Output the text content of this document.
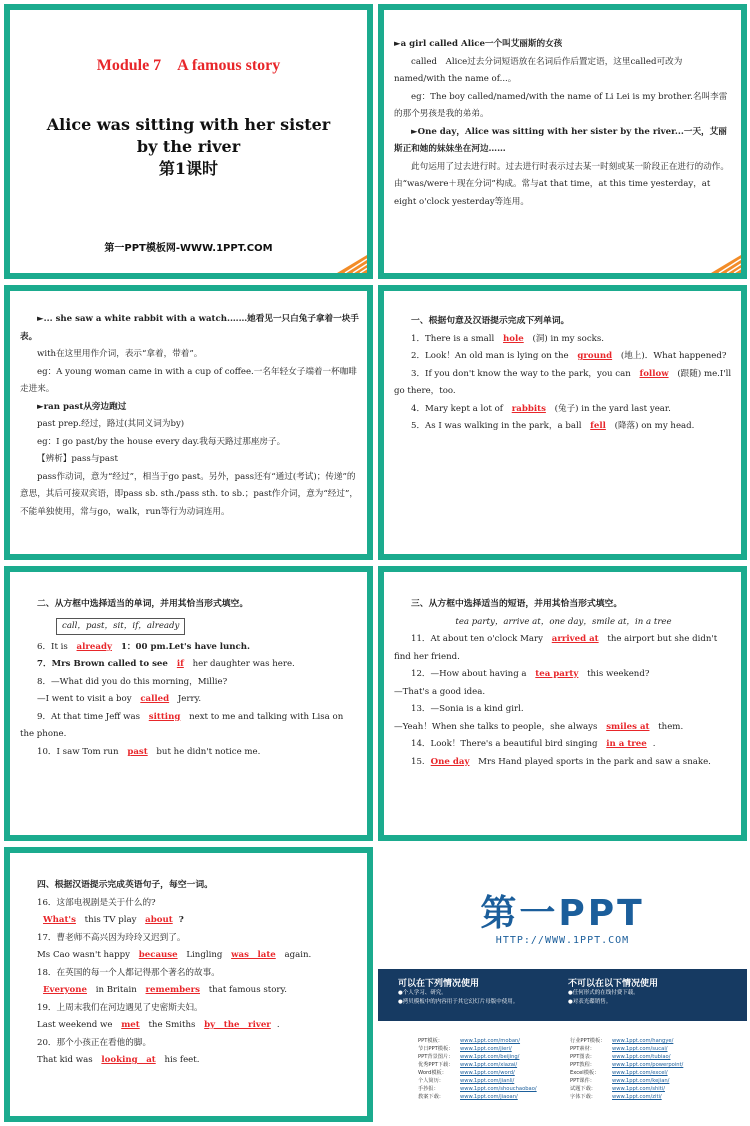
Module 7　A famous story
Alice was sitting with her sister
by the river
第1课时
第一PPT模板网-WWW.1PPT.COM

►a girl called Alice一个叫艾丽斯的女孩

called　Alice过去分词短语放在名词后作后置定语，这里called可改为named/with the name of...。

eg：The boy called/named/with the name of Li Lei is my brother.名叫李雷的那个男孩是我的弟弟。

►One day，Alice was sitting with her sister by the river...一天，艾丽斯正和她的妹妹坐在河边……

此句运用了过去进行时。过去进行时表示过去某一时刻或某一阶段正在进行的动作。由“was/were＋现在分词”构成。常与at that time，at this time yesterday，at eight o'clock yesterday等连用。

►... she saw a white rabbit with a watch.……她看见一只白兔子拿着一块手表。

with在这里用作介词，表示“拿着，带着”。

eg：A young woman came in with a cup of coffee.一名年轻女子端着一杯咖啡走进来。

►ran past从旁边跑过

past prep.经过，路过(其同义词为by)

eg：I go past/by the house every day.我每天路过那座房子。

【辨析】pass与past

pass作动词，意为“经过”，相当于go past。另外，pass还有“通过(考试)；传递”的意思，其后可接双宾语，即pass sb. sth./pass sth. to sb.；past作介词，意为“经过”，不能单独使用，常与go，walk，run等行为动词连用。

一、根据句意及汉语提示完成下列单词。

1．There is a small hole (洞) in my socks.

2．Look！An old man is lying on the ground (地上)．What happened?

3．If you don't know the way to the park，you can follow (跟随) me.I'll go there，too.

4．Mary kept a lot of rabbits (兔子) in the yard last year.

5．As I was walking in the park，a ball fell (降落) on my head.

二、从方框中选择适当的单词，并用其恰当形式填空。

call，past，sit，if，already

6．It is already 1：00 pm.Let's have lunch.

7．Mrs Brown called to see if her daughter was here.

8．—What did you do this morning，Millie?

—I went to visit a boy called Jerry.

9．At that time Jeff was sitting next to me and talking with Lisa on the phone.

10．I saw Tom run past but he didn't notice me.

三、从方框中选择适当的短语，并用其恰当形式填空。

tea party，arrive at，one day，smile at，in a tree

11．At about ten o'clock Mary arrived at the airport but she didn't find her friend.

12．—How about having a tea party this weekend?

—That's a good idea.

13．—Sonia is a kind girl.

—Yeah！When she talks to people，she always smiles at them.

14．Look！There's a beautiful bird singing in a tree .

15. One day Mrs Hand played sports in the park and saw a snake.

四、根据汉语提示完成英语句子，每空一词。

16．这部电视剧是关于什么的?

What's this TV play about ?

17．曹老师不高兴因为玲玲又迟到了。

Ms Cao wasn't happy because Lingling was　late again.

18．在英国的每一个人都记得那个著名的故事。

Everyone in Britain remembers that famous story.

19．上周末我们在河边遇见了史密斯夫妇。

Last weekend we met the Smiths by　the　river .

20．那个小孩正在看他的脚。

That kid was looking　at his feet.

第一PPT
HTTP://WWW.1PPT.COM
可以在下列情况使用
●个人学习、研究。
●拷贝模板中的内容用于其它幻灯片母版中使用。
不可以在以下情况使用
●任何形式的在线付费下载。
●对表光碟销售。
PPT模板：	www.1ppt.com/moban/
节日PPT模板： www.1ppt.com/jieri/
PPT背景图片： www.1ppt.com/beijing/
优秀PPT下载： www.1ppt.com/xiazai/
Word模板：	www.1ppt.com/word/
个人简历：	www.1ppt.com/jianli/
手抄报：	www.1ppt.com/shouchaobao/
教案下载：	www.1ppt.com/jiaoan/
行业PPT模板： www.1ppt.com/hangye/
PPT素材：	www.1ppt.com/sucai/
PPT图表：	www.1ppt.com/tubiao/
PPT教程：	www.1ppt.com/powerpoint/
Excel模板： www.1ppt.com/excel/
PPT课件：	www.1ppt.com/kejian/
试题下载：	www.1ppt.com/shiti/
字体下载：	www.1ppt.com/ziti/
